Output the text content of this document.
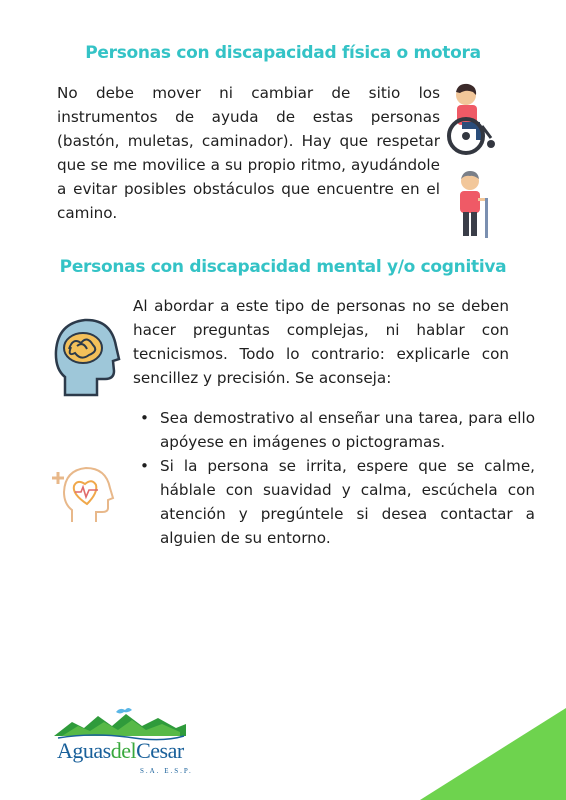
Personas con discapacidad física o motora
No debe mover ni cambiar de sitio los instrumentos de ayuda de estas personas (bastón, muletas, caminador). Hay que respetar que se me movilice a su propio ritmo, ayudándole a evitar posibles obstáculos que encuentre en el camino.
Personas con discapacidad mental y/o cognitiva
Al abordar a este tipo de personas no se deben hacer preguntas complejas, ni hablar con tecnicismos. Todo lo contrario: explicarle con sencillez y precisión. Se aconseja:
• Sea demostrativo al enseñar una tarea, para ello apóyese en imágenes o pictogramas.
• Si la persona se irrita, espere que se calme, háblale con suavidad y calma, escúchela con atención y pregúntele si desea contactar a alguien de su entorno.
AguasdelCesar
S.A. E.S.P.
